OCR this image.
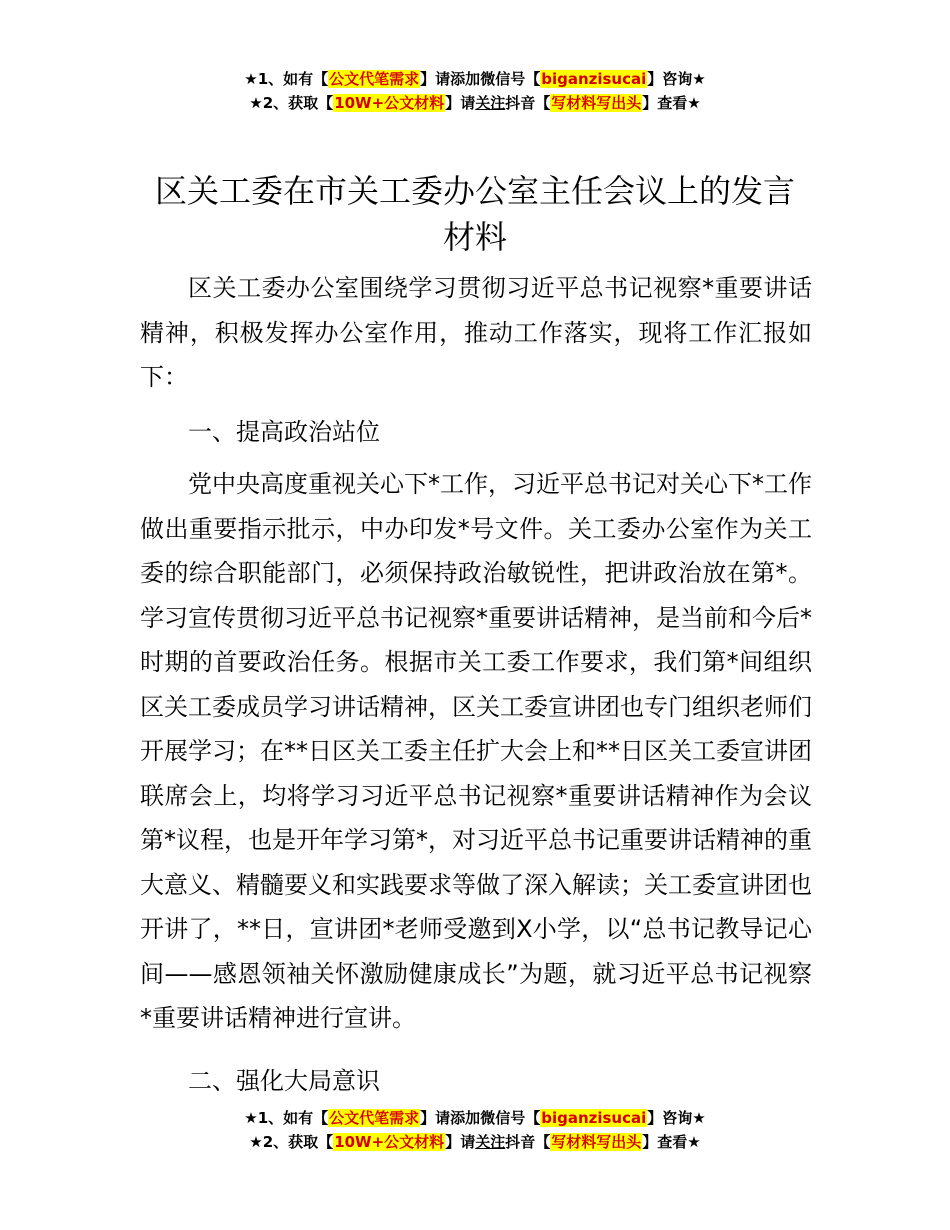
★1、如有【公文代笔需求】请添加微信号【biganzisucai】咨询★
★2、获取【10W+公文材料】请关注抖音【写材料写出头】查看★
区关工委在市关工委办公室主任会议上的发言材料

区关工委办公室围绕学习贯彻习近平总书记视察*重要讲话精神，积极发挥办公室作用，推动工作落实，现将工作汇报如下：

一、提高政治站位

党中央高度重视关心下*工作，习近平总书记对关心下*工作做出重要指示批示，中办印发*号文件。关工委办公室作为关工委的综合职能部门，必须保持政治敏锐性，把讲政治放在第*。学习宣传贯彻习近平总书记视察*重要讲话精神，是当前和今后*时期的首要政治任务。根据市关工委工作要求，我们第*间组织区关工委成员学习讲话精神，区关工委宣讲团也专门组织老师们开展学习；在**日区关工委主任扩大会上和**日区关工委宣讲团联席会上，均将学习习近平总书记视察*重要讲话精神作为会议第*议程，也是开年学习第*，对习近平总书记重要讲话精神的重大意义、精髓要义和实践要求等做了深入解读；关工委宣讲团也开讲了，**日，宣讲团*老师受邀到X小学，以“总书记教导记心间——感恩领袖关怀激励健康成长”为题，就习近平总书记视察*重要讲话精神进行宣讲。

二、强化大局意识

★1、如有【公文代笔需求】请添加微信号【biganzisucai】咨询★
★2、获取【10W+公文材料】请关注抖音【写材料写出头】查看★
